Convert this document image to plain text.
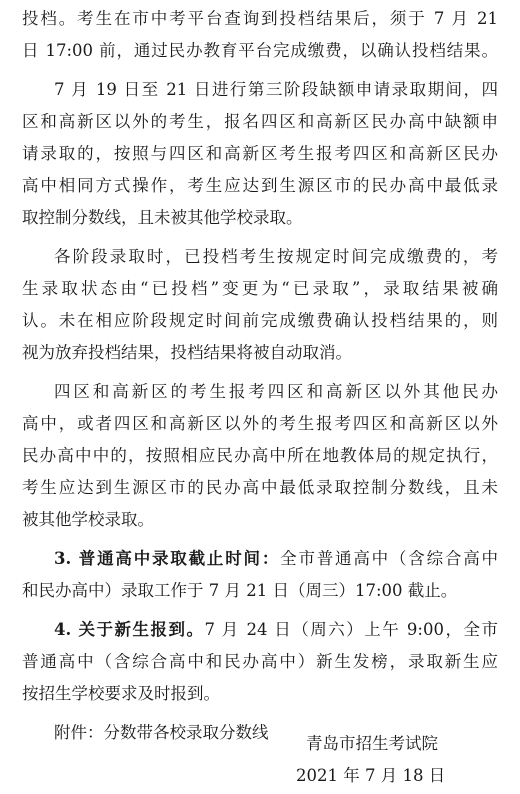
投档。考生在市中考平台查询到投档结果后，须于 7 月 21
日 17:00 前，通过民办教育平台完成缴费，以确认投档结果。
7 月 19 日至 21 日进行第三阶段缺额申请录取期间，四
区和高新区以外的考生，报名四区和高新区民办高中缺额申
请录取的，按照与四区和高新区考生报考四区和高新区民办
高中相同方式操作，考生应达到生源区市的民办高中最低录
取控制分数线，且未被其他学校录取。
各阶段录取时，已投档考生按规定时间完成缴费的，考
生录取状态由“已投档”变更为“已录取”，录取结果被确
认。未在相应阶段规定时间前完成缴费确认投档结果的，则
视为放弃投档结果，投档结果将被自动取消。
四区和高新区的考生报考四区和高新区以外其他民办
高中，或者四区和高新区以外的考生报考四区和高新区以外
民办高中中的，按照相应民办高中所在地教体局的规定执行，
考生应达到生源区市的民办高中最低录取控制分数线，且未
被其他学校录取。
3. 普通高中录取截止时间：全市普通高中（含综合高中
和民办高中）录取工作于 7 月 21 日（周三）17:00 截止。
4. 关于新生报到。7 月 24 日（周六）上午 9:00，全市
普通高中（含综合高中和民办高中）新生发榜，录取新生应
按招生学校要求及时报到。
附件：分数带各校录取分数线
青岛市招生考试院
2021 年 7 月 18 日
